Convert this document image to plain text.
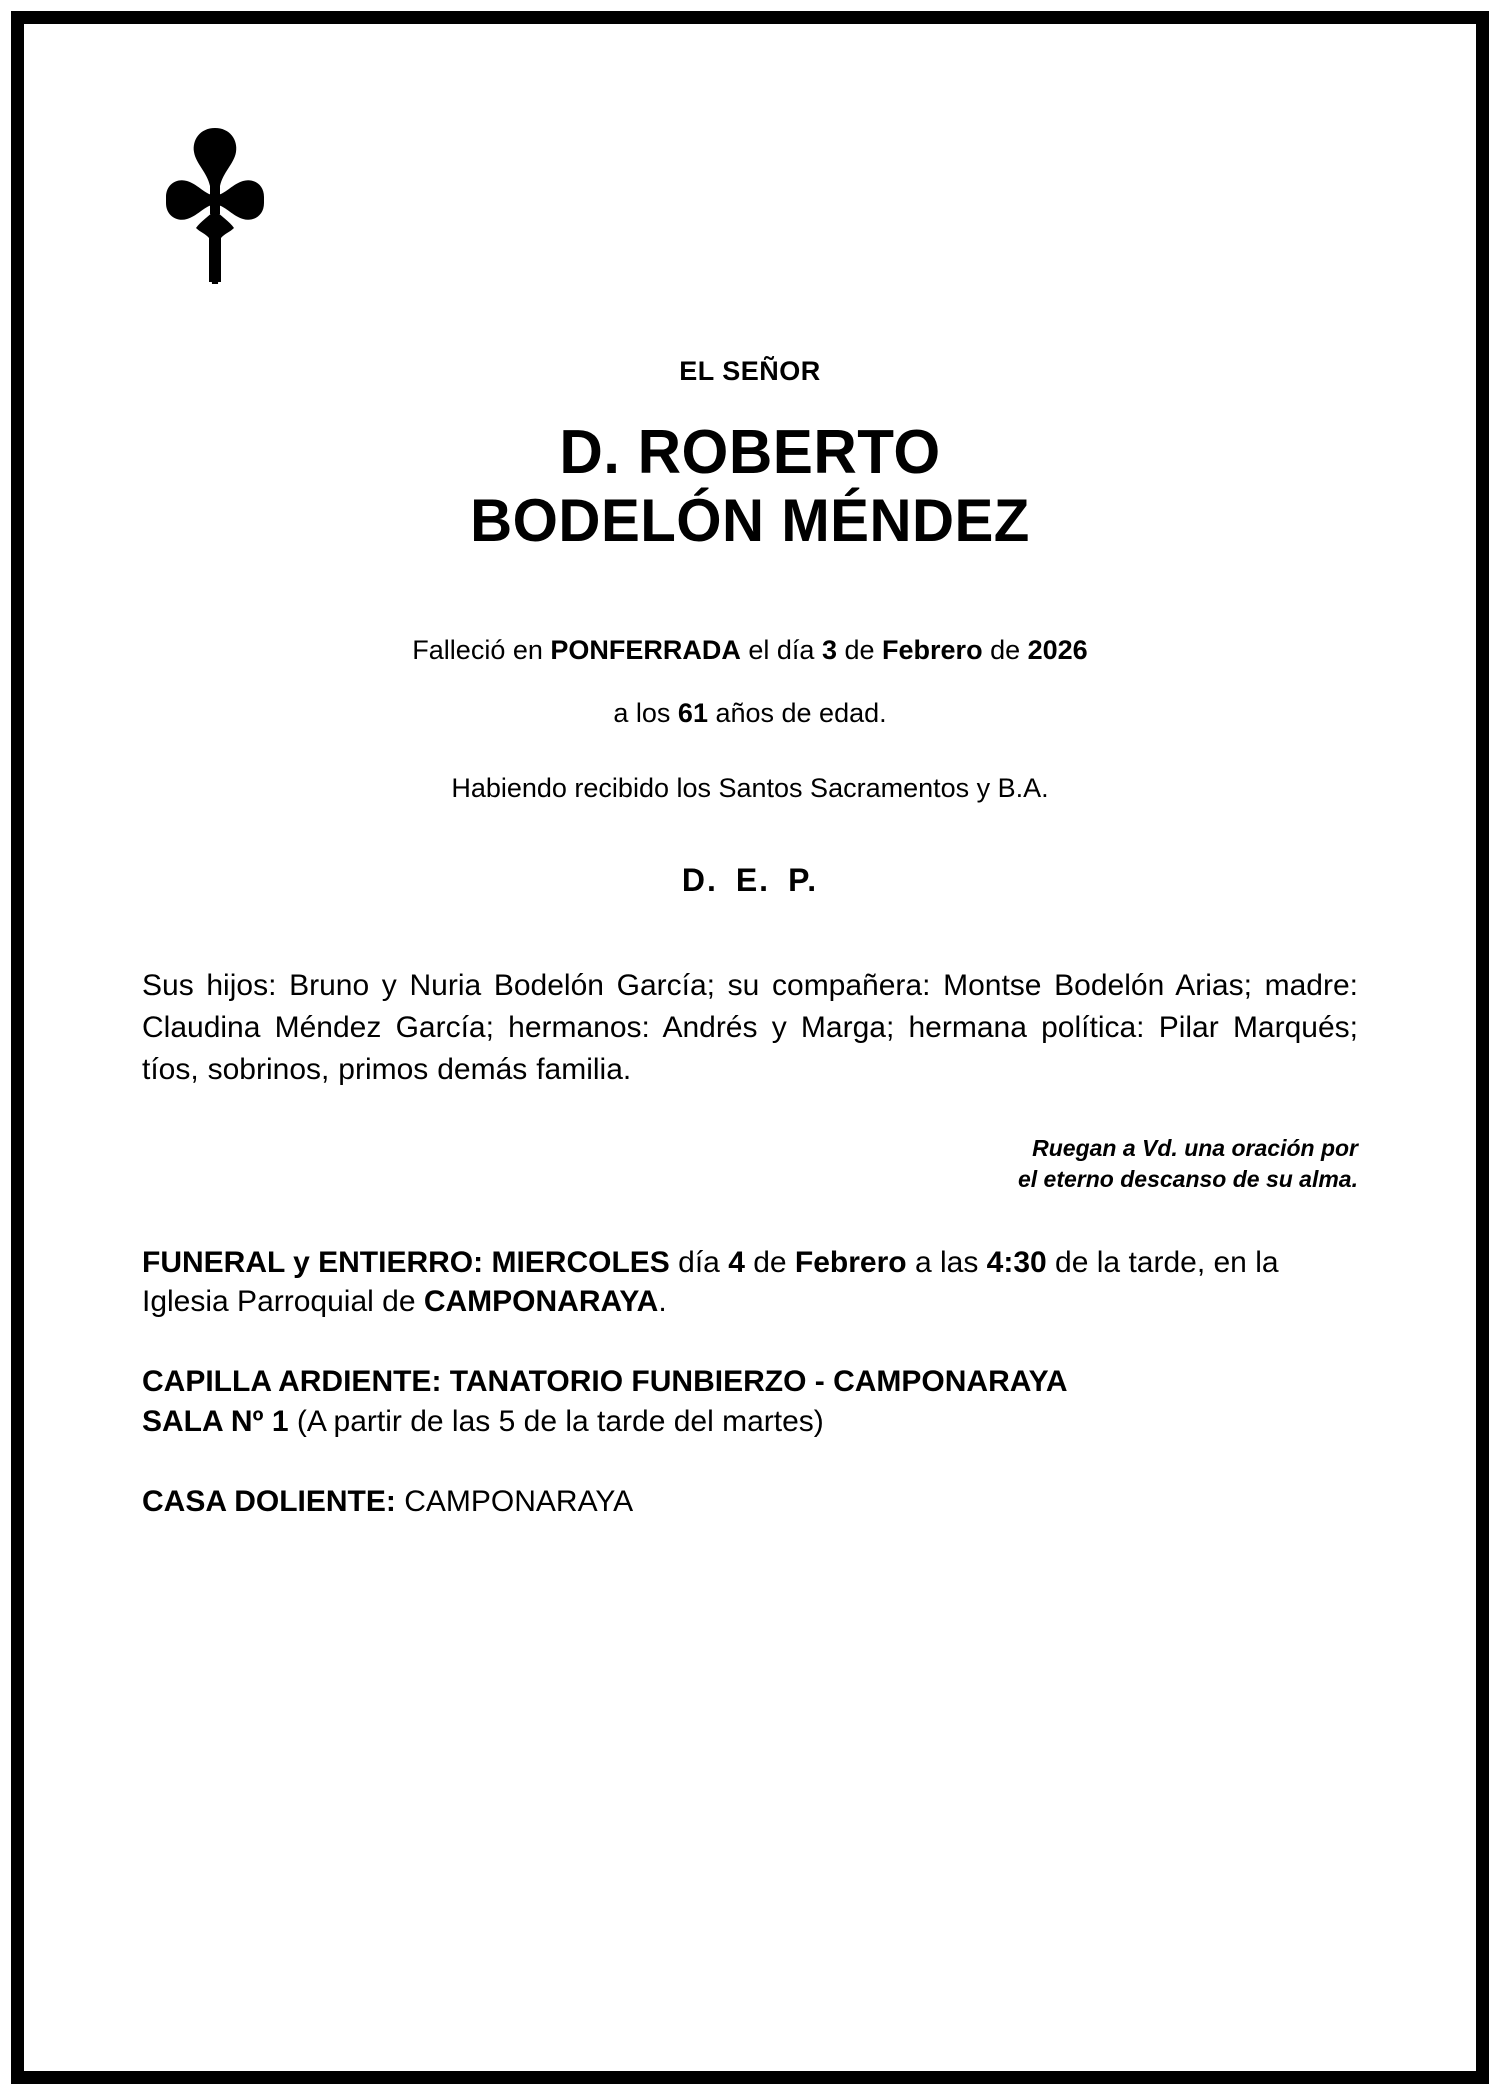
EL SEÑOR
D. ROBERTO
BODELÓN MÉNDEZ
Falleció en PONFERRADA el día 3 de Febrero de 2026
a los 61 años de edad.
Habiendo recibido los Santos Sacramentos y B.A.
D. E. P.
Sus hijos: Bruno y Nuria Bodelón García; su compañera: Montse Bodelón Arias; madre: Claudina Méndez García; hermanos: Andrés y Marga; hermana política: Pilar Marqués; tíos, sobrinos, primos demás familia.
Ruegan a Vd. una oración por
el eterno descanso de su alma.
FUNERAL y ENTIERRO: MIERCOLES día 4 de Febrero a las 4:30 de la tarde, en la Iglesia Parroquial de CAMPONARAYA.
CAPILLA ARDIENTE: TANATORIO FUNBIERZO - CAMPONARAYA
SALA Nº 1 (A partir de las 5 de la tarde del martes)
CASA DOLIENTE: CAMPONARAYA
